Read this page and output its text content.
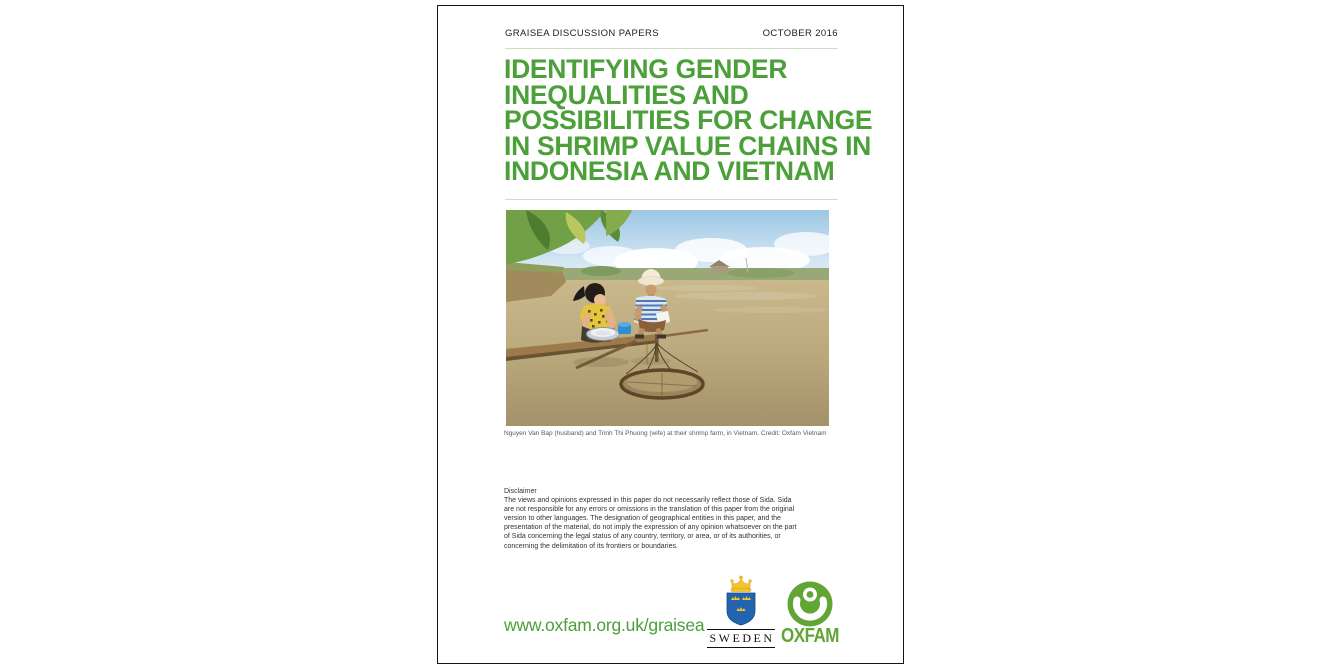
GRAISEA DISCUSSION PAPERS	OCTOBER 2016
IDENTIFYING GENDER
INEQUALITIES AND
POSSIBILITIES FOR CHANGE
IN SHRIMP VALUE CHAINS IN
INDONESIA AND VIETNAM
Nguyen Van Bap (husband) and Trinh Thi Phuong (wife) at their shrimp farm, in Vietnam. Credit: Oxfam Vietnam
Disclaimer
The views and opinions expressed in this paper do not necessarily reflect those of Sida. Sida
are not responsible for any errors or omissions in the translation of this paper from the original
version to other languages. The designation of geographical entities in this paper, and the
presentation of the material, do not imply the expression of any opinion whatsoever on the part
of Sida concerning the legal status of any country, territory, or area, or of its authorities, or
concerning the delimitation of its frontiers or boundaries.
www.oxfam.org.uk/graisea
SWEDEN OXFAM
